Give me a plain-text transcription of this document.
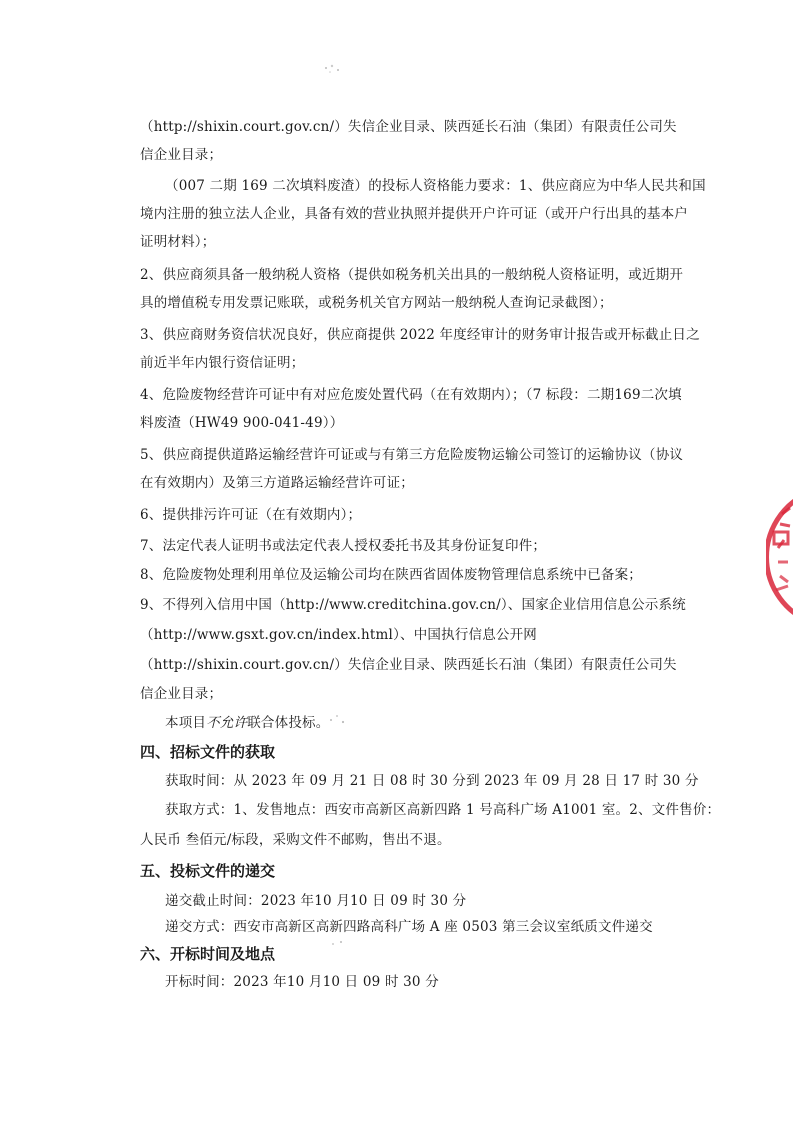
（http://shixin.court.gov.cn/）失信企业目录、陕西延长石油（集团）有限责任公司失
信企业目录；
（007 二期 169 二次填料废渣）的投标人资格能力要求：1、供应商应为中华人民共和国
境内注册的独立法人企业，具备有效的营业执照并提供开户许可证（或开户行出具的基本户
证明材料）；
2、供应商须具备一般纳税人资格（提供如税务机关出具的一般纳税人资格证明，或近期开
具的增值税专用发票记账联，或税务机关官方网站一般纳税人查询记录截图）；
3、供应商财务资信状况良好，供应商提供 2022 年度经审计的财务审计报告或开标截止日之
前近半年内银行资信证明；
4、危险废物经营许可证中有对应危废处置代码（在有效期内）；（7 标段：二期169二次填
料废渣（HW49 900-041-49））
5、供应商提供道路运输经营许可证或与有第三方危险废物运输公司签订的运输协议（协议
在有效期内）及第三方道路运输经营许可证；
6、提供排污许可证（在有效期内）；
7、法定代表人证明书或法定代表人授权委托书及其身份证复印件；
8、危险废物处理利用单位及运输公司均在陕西省固体废物管理信息系统中已备案；
9、不得列入信用中国（http://www.creditchina.gov.cn/）、国家企业信用信息公示系统
（http://www.gsxt.gov.cn/index.html）、中国执行信息公开网
（http://shixin.court.gov.cn/）失信企业目录、陕西延长石油（集团）有限责任公司失
信企业目录；
本项目不允许联合体投标。
四、招标文件的获取
获取时间：从 2023 年 09 月 21 日 08 时 30 分到 2023 年 09 月 28 日 17 时 30 分
获取方式：1、发售地点：西安市高新区高新四路 1 号高科广场 A1001 室。2、文件售价：
人民币 叁佰元/标段，采购文件不邮购，售出不退。
五、投标文件的递交
递交截止时间：2023 年10 月10 日 09 时 30 分
递交方式：西安市高新区高新四路高科广场 A 座 0503 第三会议室纸质文件递交
六、开标时间及地点
开标时间：2023 年10 月10 日 09 时 30 分
